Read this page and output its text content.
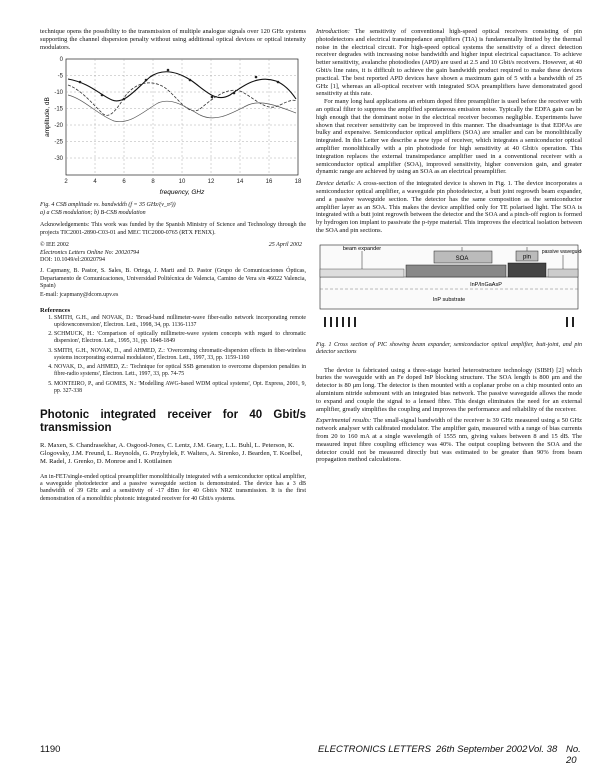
technique opens the possibility to the transmission of multiple analogue signals over 120 GHz systems supporting the channel dispersion penalty without using additional optical devices or optical intensity modulators.

0
-5
-10
-15
-20
-25
-30
2	4	6	8	10	12	14	16	18
frequency, GHz
amplitude, dB

Fig. 4 CSB amplitude vs. bandwidth (f = 35 GHz/(v_π²))

a) a CSB modulation; b) B-CSB modulation

Acknowledgements: This work was funded by the Spanish Ministry of Science and Technology through the projects TIC2001-2890-C03-01 and MEC TIC2000-0765 (RTX FENIX).

© IEE 2002	25 April 2002

Electronics Letters Online No: 20020794

DOI: 10.1049/el:20020794

J. Capmany, B. Pastor, S. Sales, B. Ortega, J. Marti and D. Pastor (Grupo de Comunicaciones Ópticas, Departamento de Comunicaciones, Universidad Politécnica de Valencia, Camino de Vera s/n 46022 Valencia, Spain)

E-mail: jcapmany@dcom.upv.es

References

1. SMITH, G.H., and NOVAK, D.: 'Broad-band millimeter-wave fiber-radio network incorporating remote up/downconversion', Electron. Lett., 1998, 34, pp. 1136-1137
2. SCHMUCK, H.: 'Comparison of optically millimetre-wave system concepts with regard to chromatic dispersion', Electron. Lett., 1995, 31, pp. 1848-1849
3. SMITH, G.H., NOVAK, D., and AHMED, Z.: 'Overcoming chromatic-dispersion effects in fiber-wireless systems incorporating external modulators', Electron. Lett., 1997, 33, pp. 1159-1160
4. NOVAK, D., and AHMED, Z.: 'Technique for optical SSB generation to overcome dispersion penalties in fibre-radio systems', Electron. Lett., 1997, 33, pp. 74-75
5. MONTEIRO, P., and GOMES, N.: 'Modelling AWG-based WDM optical systems', Opt. Express, 2001, 9, pp. 327-338

Photonic integrated receiver for 40 Gbit/s transmission

R. Maxen, S. Chandrasekhar, A. Osgood-Jones, C. Lentz, J.M. Geary, L.L. Buhl, L. Peterson, K. Glogovsky, J.M. Freund, L. Reynolds, G. Przybylek, F. Walters, A. Sirenko, J. Bearden, T. Koelbel, M. Radel, J. Grenko, D. Monroe and I. Kotilainen

An in-FET/single-ended optical preamplifier monolithically integrated with a semiconductor optical amplifier, a waveguide photodetector and a passive waveguide section is demonstrated. The device has a 3 dB bandwidth of 39 GHz and a sensitivity of -17 dBm for 40 Gbit/s NRZ transmission. It is the first demonstration of a monolithic photonic integrated receiver for 40 Gbit/s systems.

Introduction: The sensitivity of conventional high-speed optical receivers consisting of pin photodetectors and electrical transimpedance amplifiers (TIA) is fundamentally limited by the thermal noise in the electrical circuit. For high-speed optical systems the sensitivity of a direct detection receiver degrades with increasing noise bandwidth and higher input electrical capacitance. To achieve better sensitivity, avalanche photodiodes (APD) are used at 2.5 and 10 Gbit/s receivers. However, at 40 Gbit/s line rates, it is difficult to achieve the gain bandwidth product required to make these devices practical. The best reported APD devices have shown a maximum gain of 5 with a bandwidth of 25 GHz [1], whereas an all-optical receiver with integrated SOA preamplifiers have demonstrated good sensitivity at this rate.

For many long haul applications an erbium doped fibre preamplifier is used before the receiver with an optical filter to suppress the amplified spontaneous emission noise. Typically the EDFA gain can be high enough that the dominant noise in the electrical receiver becomes negligible. Experiments have shown that receiver sensitivity can be improved in this manner. The disadvantage is that EDFAs are bulky and expensive. Semiconductor optical amplifiers (SOA) are smaller and can be monolithically integrated. In this Letter we describe a new type of receiver, which integrates a semiconductor optical amplifier monolithically with a pin photodiode for high sensitivity at 40 Gbit/s operation. This integration replaces the external transimpedance amplifier used in a conventional receiver with a semiconductor optical amplifier (SOA), improved sensitivity, higher conversion gain, and greater dynamic range are achieved by using an SOA as an electrical preamplifier.

Device details: A cross-section of the integrated device is shown in Fig. 1. The device incorporates a semiconductor optical amplifier, a waveguide pin photodetector, a butt joint regrowth beam expander, and a passive waveguide section. The detector has the same composition as the semiconductor amplifier layer as an SOA. This makes the device amplified only for TE polarised light. The SOA is integrated with a butt joint regrowth between the detector and the SOA and a pinch-off region is formed by hydrogen ion implant to passivate the p-type material. This improves the electrical isolation between the SOA and pin sections.

beam expander
SOA	pin
passive waveguide
InP/InGaAsP
InP substrate

Fig. 1 Cross section of PIC showing beam expander, semiconductor optical amplifier, butt-joint, and pin detector sections

The device is fabricated using a three-stage buried heterostructure technology (SIBH) [2] which buries the waveguide with an Fe doped InP blocking structure. The SOA length is 800 μm and the detector is 80 μm long. The detector is then mounted with a coplanar probe on a chip mounted onto an aluminium nitride submount with an integrated bias network. The passive waveguide allows the mode to expand and couple the signal to a lensed fibre. This design eliminates the need for an external amplifier, greatly simplifies the coupling and improves the performance and reliability of the receiver.

Experimental results: The small-signal bandwidth of the receiver is 39 GHz measured using a 50 GHz network analyser with calibrated modulator. The amplifier gain, measured with a range of bias currents from 20 to 160 mA at a single wavelength of 1555 nm, giving values between 8 and 15 dB. The measured input fibre coupling efficiency was 40%. The output coupling between the SOA and the detector could not be measured directly but was estimated to be greater than 90% from beam propagation method calculations.

1190	ELECTRONICS LETTERS 26th September 2002 Vol. 38 No. 20
